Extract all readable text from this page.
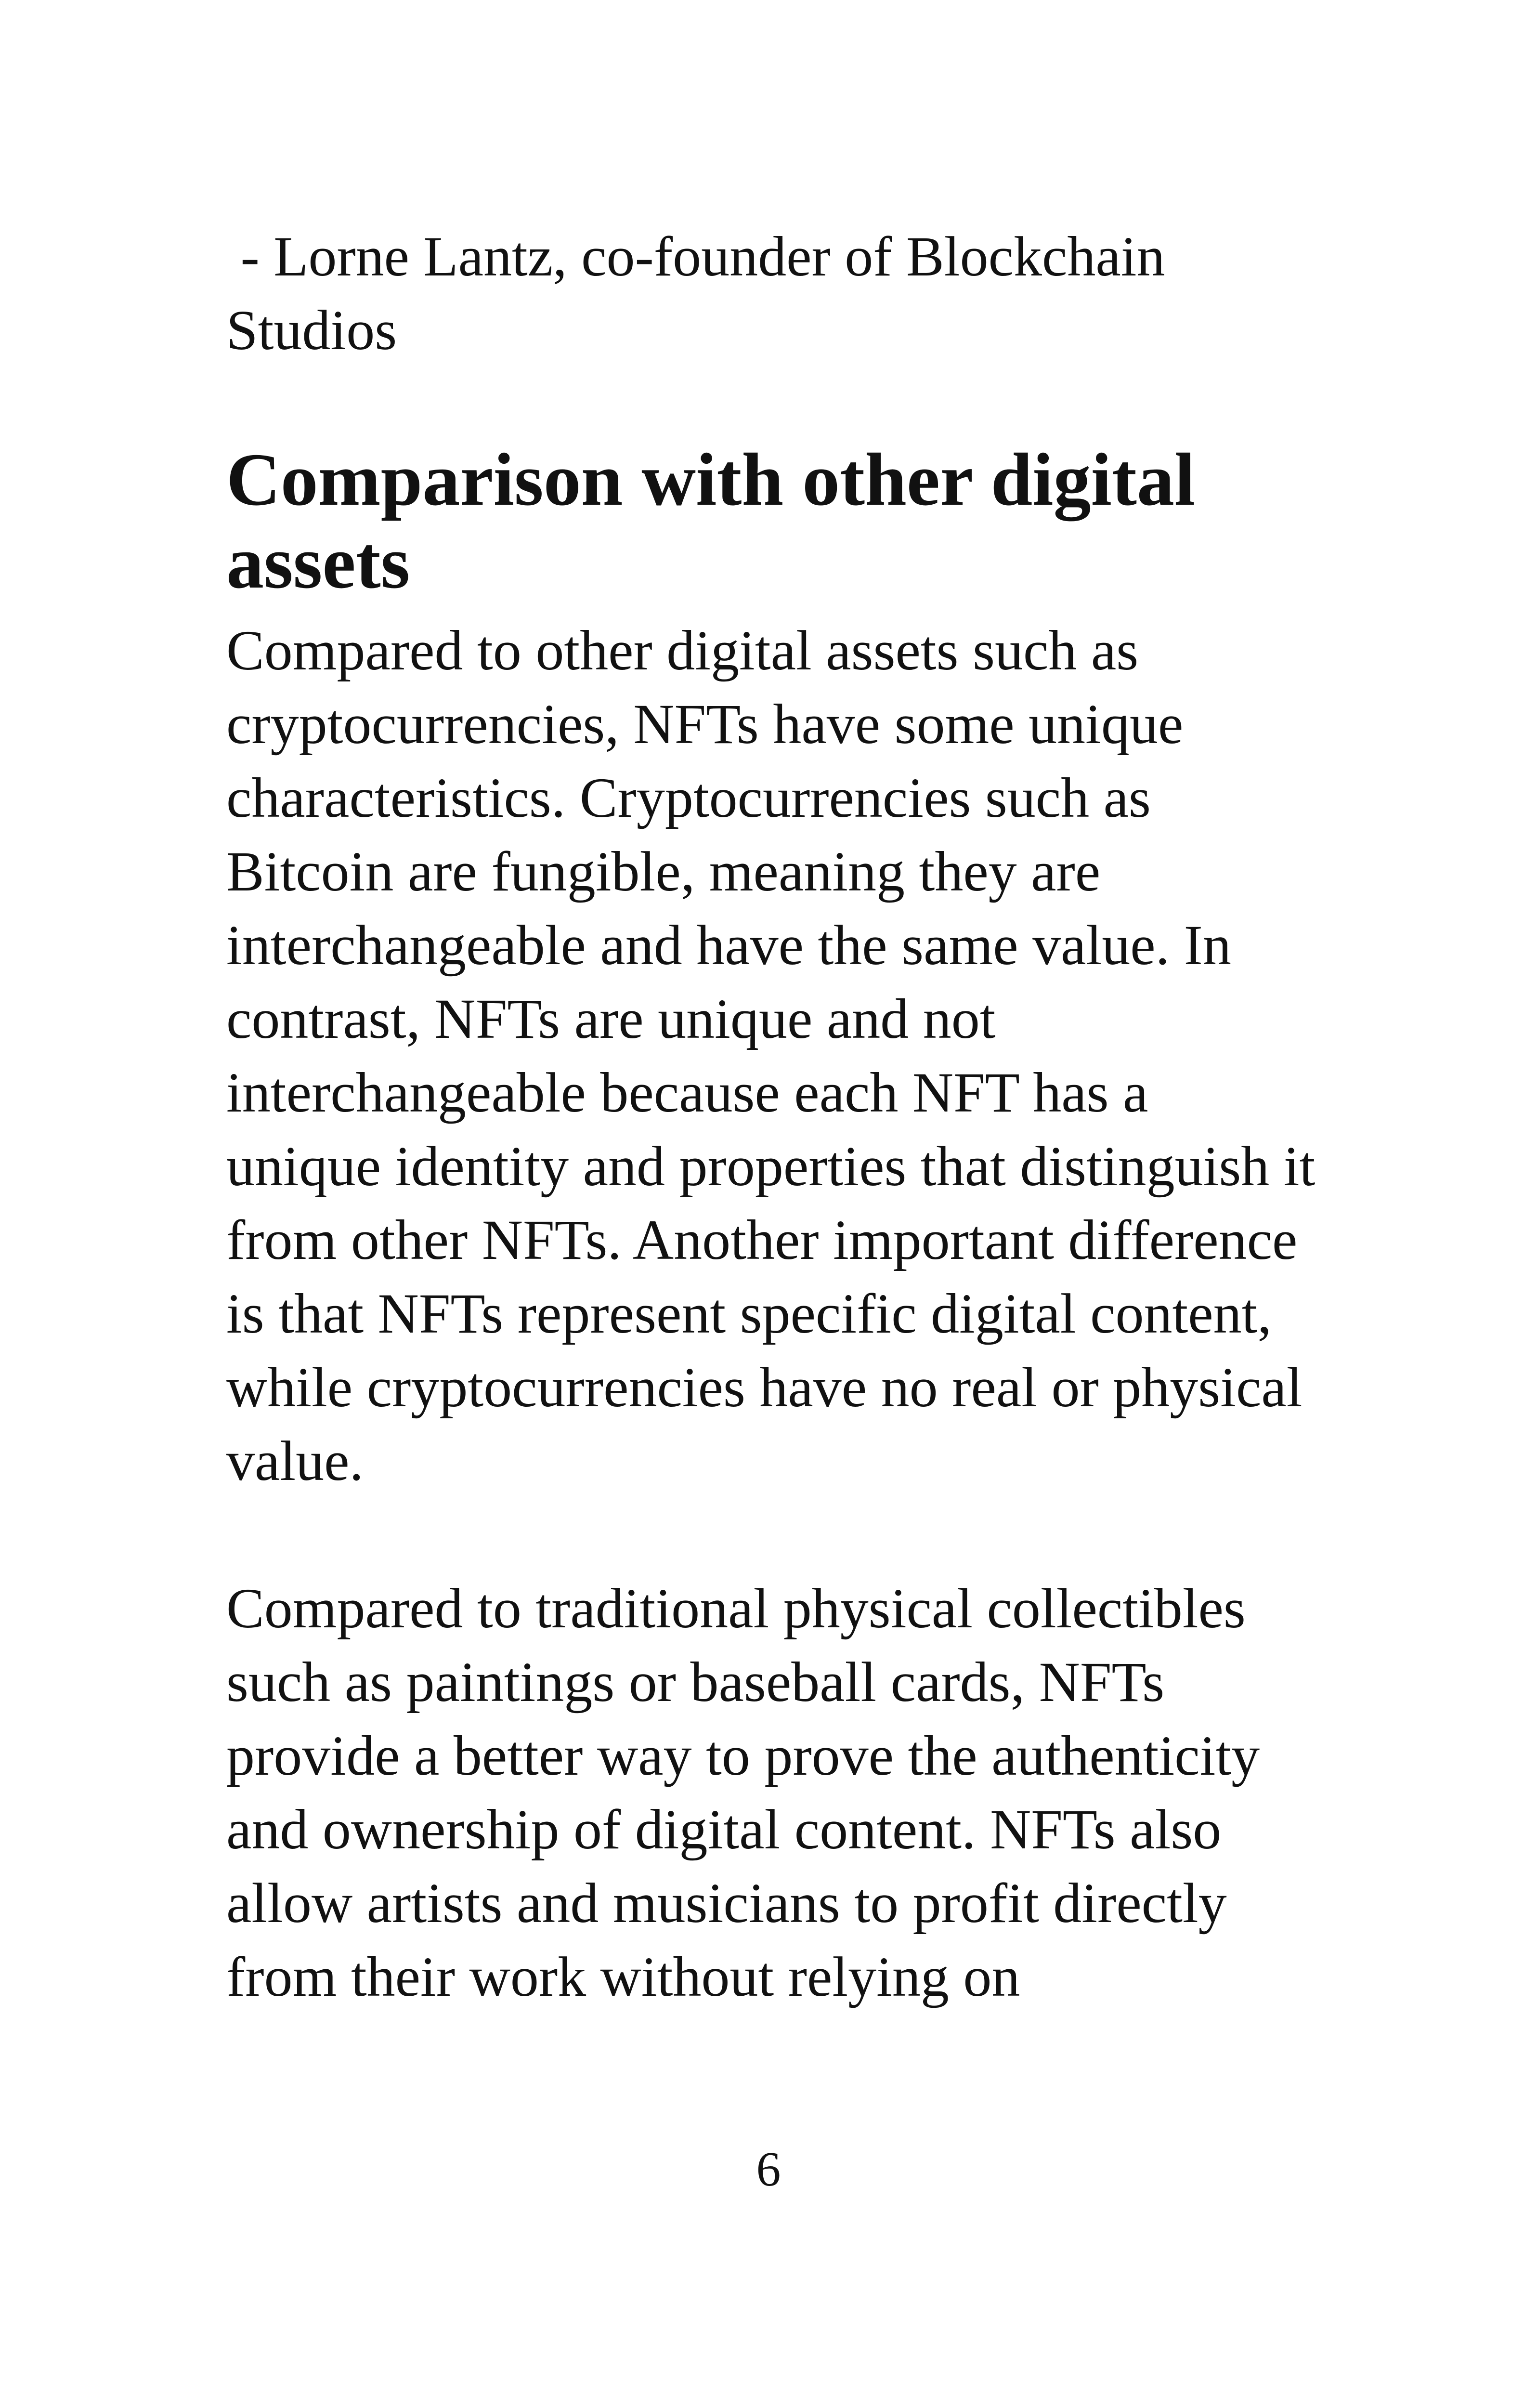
- Lorne Lantz, co-founder of Blockchain Studios

Comparison with other digital assets

Compared to other digital assets such as cryptocurrencies, NFTs have some unique characteristics. Cryptocurrencies such as Bitcoin are fungible, meaning they are interchangeable and have the same value. In contrast, NFTs are unique and not interchangeable because each NFT has a unique identity and properties that distinguish it from other NFTs. Another important difference is that NFTs represent specific digital content, while cryptocurrencies have no real or physical value.

Compared to traditional physical collectibles such as paintings or baseball cards, NFTs provide a better way to prove the authenticity and ownership of digital content. NFTs also allow artists and musicians to profit directly from their work without relying on

6
